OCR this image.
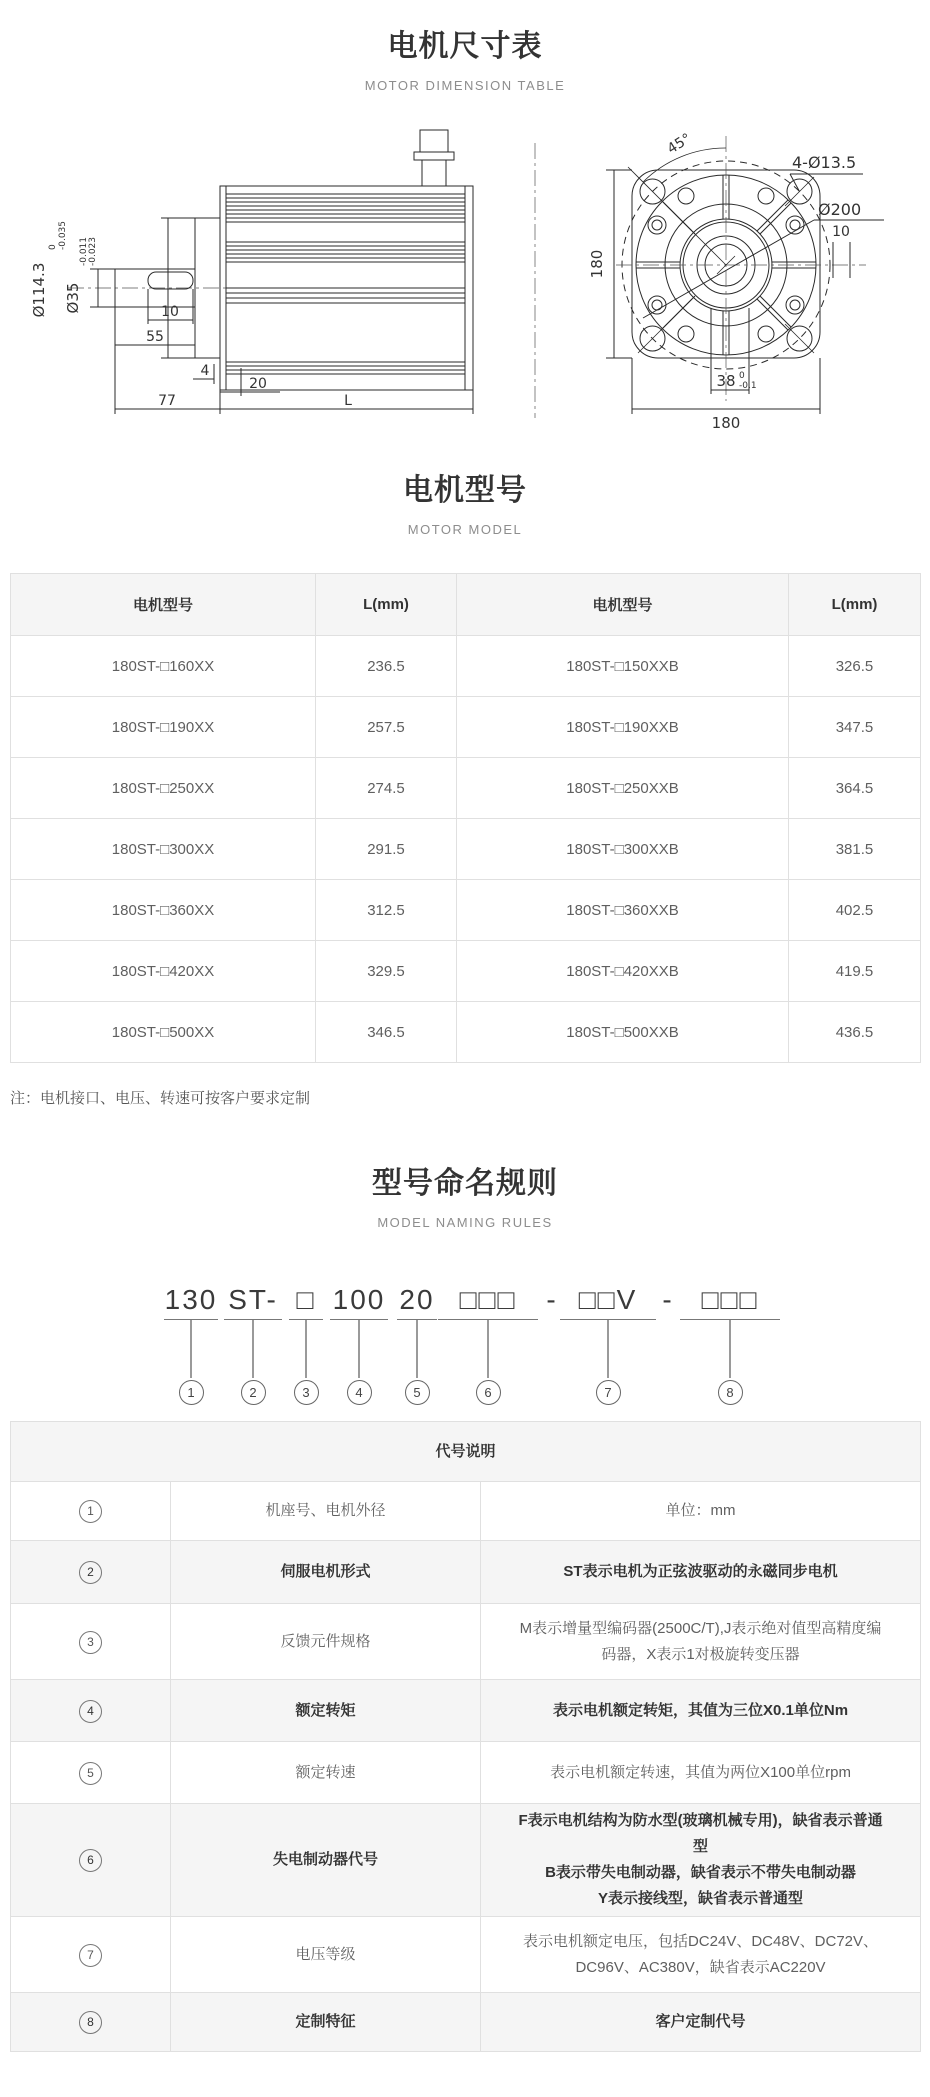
电机尺寸表
MOTOR DIMENSION TABLE
Ø114.3
0 -0.035
Ø35
-0.011 -0.023
10
55
4
20
77	L
45°
4-Ø13.5
Ø200
10
180
180
38 0
-0.1
电机型号
MOTOR MODEL
电机型号	L(mm)	电机型号	L(mm)
180ST-□160XX	236.5	180ST-□150XXB	326.5
180ST-□190XX	257.5	180ST-□190XXB	347.5
180ST-□250XX	274.5	180ST-□250XXB	364.5
180ST-□300XX	291.5	180ST-□300XXB	381.5
180ST-□360XX	312.5	180ST-□360XXB	402.5
180ST-□420XX	329.5	180ST-□420XXB	419.5
180ST-□500XX	346.5	180ST-□500XXB	436.5
注：电机接口、电压、转速可按客户要求定制
型号命名规则
MODEL NAMING RULES
130
1
ST-
2
□
3
100
4
20
5
□□□
6
- □□V
7
- □□□
8
代号说明		
1	机座号、电机外径	单位：mm

2	伺服电机形式	ST表示电机为正弦波驱动的永磁同步电机

3	反馈元件规格	M表示增量型编码器(2500C/T),J表示绝对值型高精度编码器，X表示1对极旋转变压器

4	额定转矩	表示电机额定转矩，其值为三位X0.1单位Nm

5	额定转速	表示电机额定转速，其值为两位X100单位rpm

6	失电制动器代号	F表示电机结构为防水型(玻璃机械专用)，缺省表示普通型
B表示带失电制动器，缺省表示不带失电制动器
Y表示接线型，缺省表示普通型

7	电压等级	表示电机额定电压，包括DC24V、DC48V、DC72V、DC96V、AC380V，缺省表示AC220V

8	定制特征	客户定制代号
